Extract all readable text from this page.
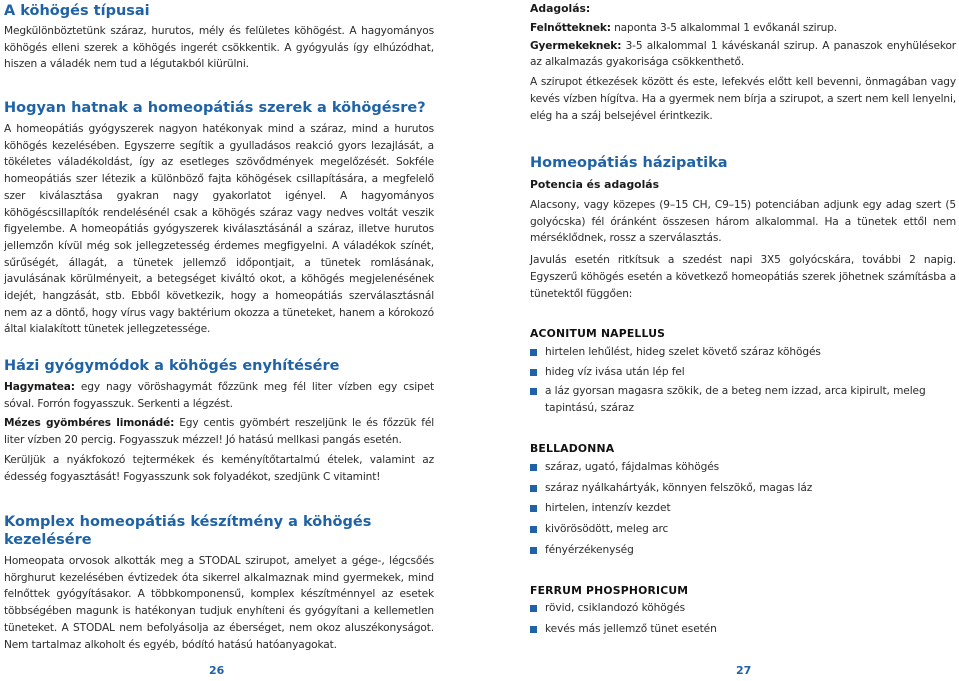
A köhögés típusai

Megkülönböztetünk száraz, hurutos, mély és felületes köhögést. A hagyományos köhögés elleni szerek a köhögés ingerét csökkentik. A gyógyulás így elhúzódhat, hiszen a váladék nem tud a légutakból kiürülni.

Hogyan hatnak a homeopátiás szerek a köhögésre?

A homeopátiás gyógyszerek nagyon hatékonyak mind a száraz, mind a hurutos köhögés kezelésében. Egyszerre segítik a gyulladásos reakció gyors lezajlását, a tökéletes váladékoldást, így az esetleges szövődmények megelőzését. Sokféle homeopátiás szer létezik a különböző fajta köhögések csillapítására, a megfelelő szer kiválasztása gyakran nagy gyakorlatot igényel. A hagyományos köhögéscsillapítók rendelésénél csak a köhögés száraz vagy nedves voltát veszik figyelembe. A homeopátiás gyógyszerek kiválasztásánál a száraz, illetve hurutos jellemzőn kívül még sok jellegzetesség érdemes megfigyelni. A váladékok színét, sűrűségét, állagát, a tünetek jellemző időpontjait, a tünetek romlásának, javulásának körülményeit, a betegséget kiváltó okot, a köhögés megjelenésének idejét, hangzását, stb. Ebből következik, hogy a homeopátiás szerválasztásnál nem az a döntő, hogy vírus vagy baktérium okozza a tüneteket, hanem a kórokozó által kialakított tünetek jellegzetessége.

Házi gyógymódok a köhögés enyhítésére

Hagymatea: egy nagy vöröshagymát főzzünk meg fél liter vízben egy csipet sóval. Forrón fogyasszuk. Serkenti a légzést.

Mézes gyömbéres limonádé: Egy centis gyömbért reszeljünk le és főzzük fél liter vízben 20 percig. Fogyasszuk mézzel! Jó hatású mellkasi pangás esetén.

Kerüljük a nyákfokozó tejtermékek és keményítőtartalmú ételek, valamint az édesség fogyasztását! Fogyasszunk sok folyadékot, szedjünk C vitamint!

Komplex homeopátiás készítmény a köhögés kezelésére

Homeopata orvosok alkották meg a STODAL szirupot, amelyet a gége-, légcsőés hörghurut kezelésében évtizedek óta sikerrel alkalmaznak mind gyermekek, mind felnőttek gyógyításakor. A többkomponensű, komplex készítménnyel az esetek többségében magunk is hatékonyan tudjuk enyhíteni és gyógyítani a kellemetlen tüneteket. A STODAL nem befolyásolja az éberséget, nem okoz aluszékonyságot. Nem tartalmaz alkoholt és egyéb, bódító hatású hatóanyagokat.

26

Adagolás:

Felnőtteknek: naponta 3-5 alkalommal 1 evőkanál szirup.

Gyermekeknek: 3-5 alkalommal 1 kávéskanál szirup. A panaszok enyhülésekor az alkalmazás gyakorisága csökkenthető.

A szirupot étkezések között és este, lefekvés előtt kell bevenni, önmagában vagy kevés vízben hígítva. Ha a gyermek nem bírja a szirupot, a szert nem kell lenyelni, elég ha a száj belsejével érintkezik.

Homeopátiás házipatika

Potencia és adagolás

Alacsony, vagy közepes (9–15 CH, C9–15) potenciában adjunk egy adag szert (5 golyócska) fél óránként összesen három alkalommal. Ha a tünetek ettől nem mérséklődnek, rossz a szerválasztás.

Javulás esetén ritkítsuk a szedést napi 3X5 golyócskára, további 2 napig. Egyszerű köhögés esetén a következő homeopátiás szerek jöhetnek számításba a tünetektől függően:

ACONITUM NAPELLUS

hirtelen lehűlést, hideg szelet követő száraz köhögés
hideg víz ivása után lép fel
a láz gyorsan magasra szökik, de a beteg nem izzad, arca kipirult, meleg tapintású, száraz

BELLADONNA

száraz, ugató, fájdalmas köhögés
száraz nyálkahártyák, könnyen felszökő, magas láz
hirtelen, intenzív kezdet
kivörösödött, meleg arc
fényérzékenység

FERRUM PHOSPHORICUM

rövid, csiklandozó köhögés
kevés más jellemző tünet esetén
27
